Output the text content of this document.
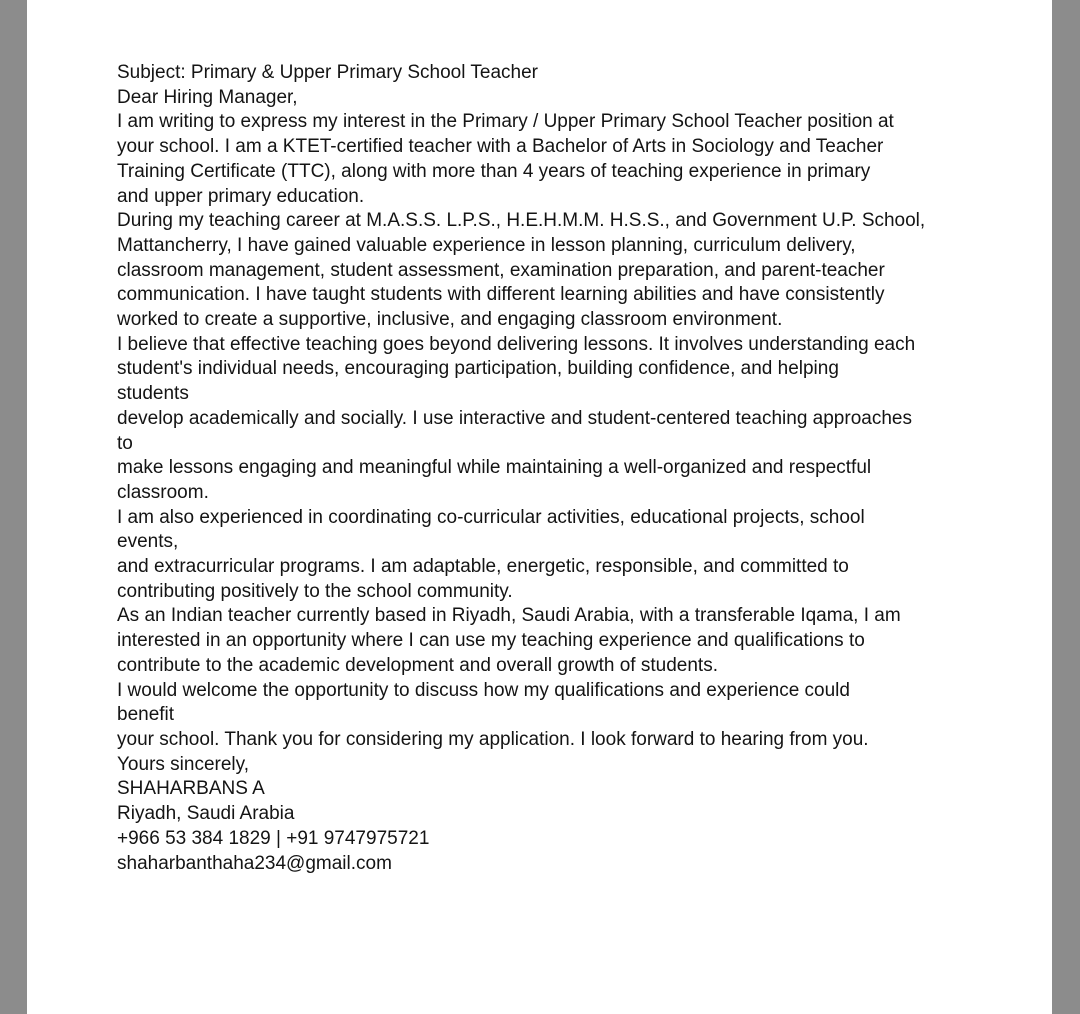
Subject: Primary & Upper Primary School Teacher
Dear Hiring Manager,
I am writing to express my interest in the Primary / Upper Primary School Teacher position at
your school. I am a KTET-certified teacher with a Bachelor of Arts in Sociology and Teacher
Training Certificate (TTC), along with more than 4 years of teaching experience in primary
and upper primary education.
During my teaching career at M.A.S.S. L.P.S., H.E.H.M.M. H.S.S., and Government U.P. School,
Mattancherry, I have gained valuable experience in lesson planning, curriculum delivery,
classroom management, student assessment, examination preparation, and parent-teacher
communication. I have taught students with different learning abilities and have consistently
worked to create a supportive, inclusive, and engaging classroom environment.
I believe that effective teaching goes beyond delivering lessons. It involves understanding each
student's individual needs, encouraging participation, building confidence, and helping
students
develop academically and socially. I use interactive and student-centered teaching approaches
to
make lessons engaging and meaningful while maintaining a well-organized and respectful
classroom.
I am also experienced in coordinating co-curricular activities, educational projects, school
events,
and extracurricular programs. I am adaptable, energetic, responsible, and committed to
contributing positively to the school community.
As an Indian teacher currently based in Riyadh, Saudi Arabia, with a transferable Iqama, I am
interested in an opportunity where I can use my teaching experience and qualifications to
contribute to the academic development and overall growth of students.
I would welcome the opportunity to discuss how my qualifications and experience could
benefit
your school. Thank you for considering my application. I look forward to hearing from you.
Yours sincerely,
SHAHARBANS A
Riyadh, Saudi Arabia
+966 53 384 1829 | +91 9747975721
shaharbanthaha234@gmail.com
